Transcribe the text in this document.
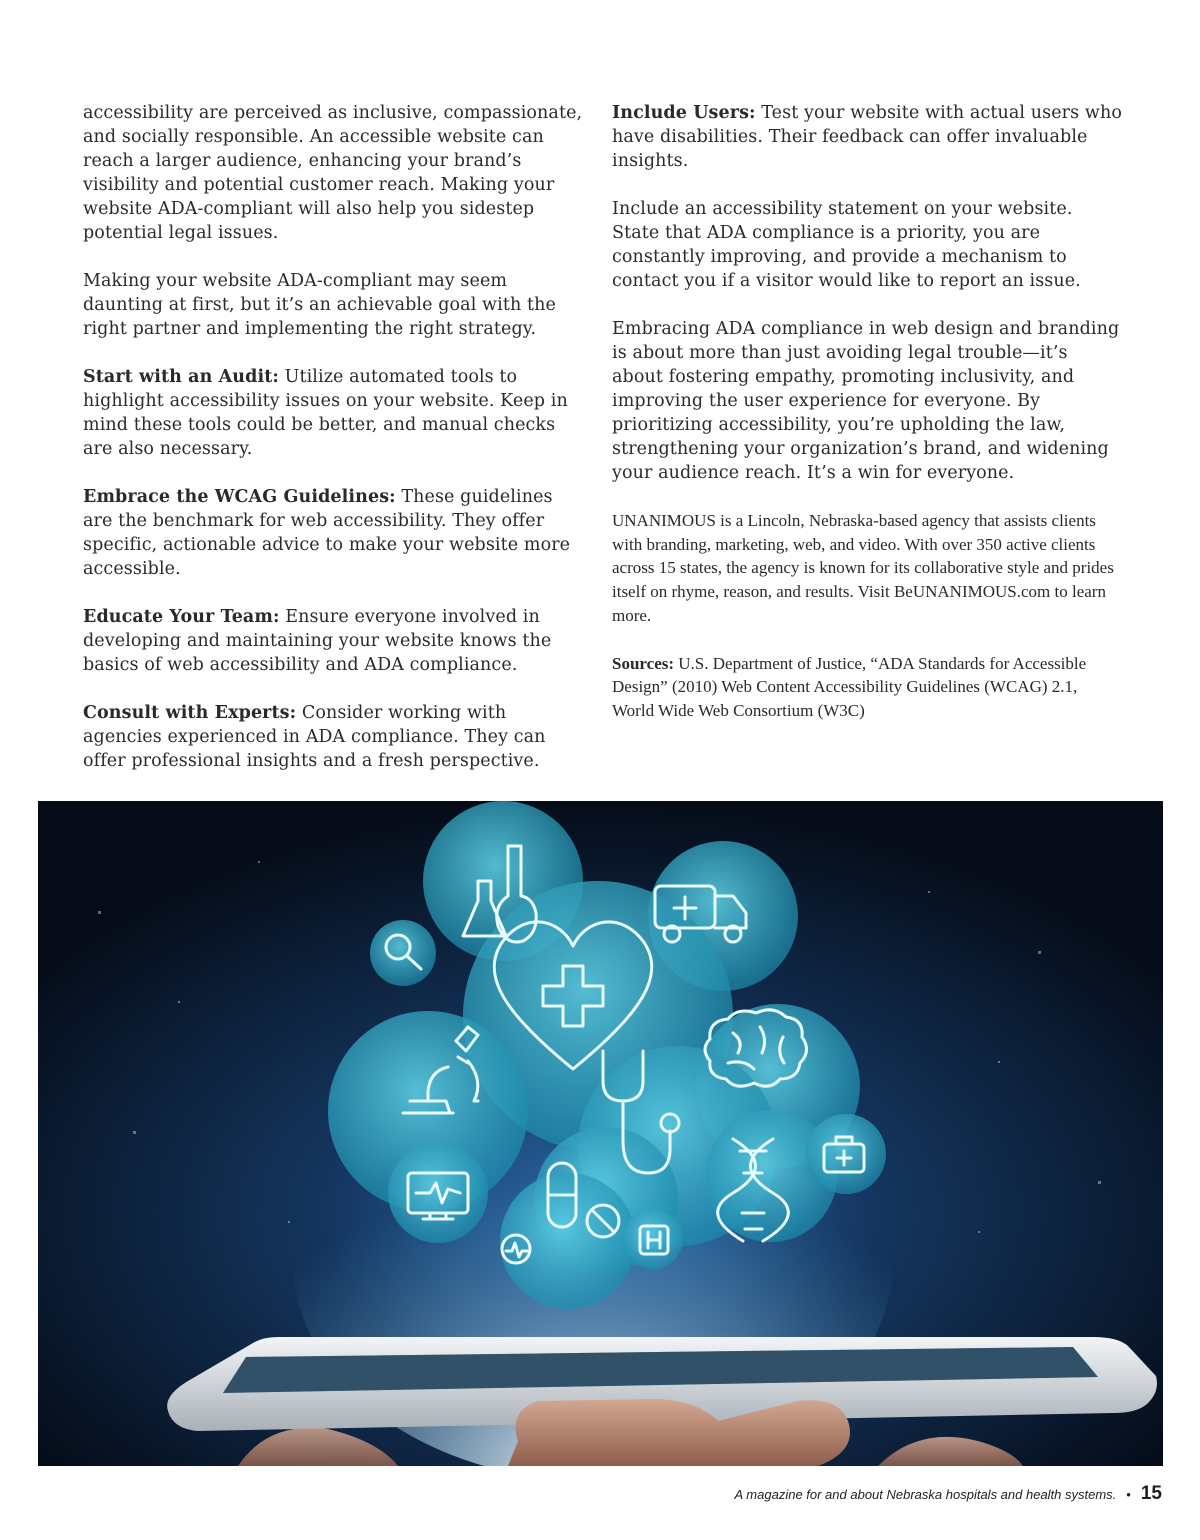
accessibility are perceived as inclusive, compassionate, and socially responsible. An accessible website can reach a larger audience, enhancing your brand’s visibility and potential customer reach. Making your website ADA-compliant will also help you sidestep potential legal issues.

Making your website ADA-compliant may seem daunting at first, but it’s an achievable goal with the right partner and implementing the right strategy.

Start with an Audit: Utilize automated tools to highlight accessibility issues on your website. Keep in mind these tools could be better, and manual checks are also necessary.

Embrace the WCAG Guidelines: These guidelines are the benchmark for web accessibility. They offer specific, actionable advice to make your website more accessible.

Educate Your Team: Ensure everyone involved in developing and maintaining your website knows the basics of web accessibility and ADA compliance.

Consult with Experts: Consider working with agencies experienced in ADA compliance. They can offer professional insights and a fresh perspective.

Include Users: Test your website with actual users who have disabilities. Their feedback can offer invaluable insights.

Include an accessibility statement on your website. State that ADA compliance is a priority, you are constantly improving, and provide a mechanism to contact you if a visitor would like to report an issue.

Embracing ADA compliance in web design and branding is about more than just avoiding legal trouble—it’s about fostering empathy, promoting inclusivity, and improving the user experience for everyone. By prioritizing accessibility, you’re upholding the law, strengthening your organization’s brand, and widening your audience reach. It’s a win for everyone.

UNANIMOUS is a Lincoln, Nebraska-based agency that assists clients with branding, marketing, web, and video. With over 350 active clients across 15 states, the agency is known for its collaborative style and prides itself on rhyme, reason, and results. Visit BeUNANIMOUS.com to learn more.

Sources: U.S. Department of Justice, “ADA Standards for Accessible Design” (2010) Web Content Accessibility Guidelines (WCAG) 2.1, World Wide Web Consortium (W3C)

A magazine for and about Nebraska hospitals and health systems. • 15
